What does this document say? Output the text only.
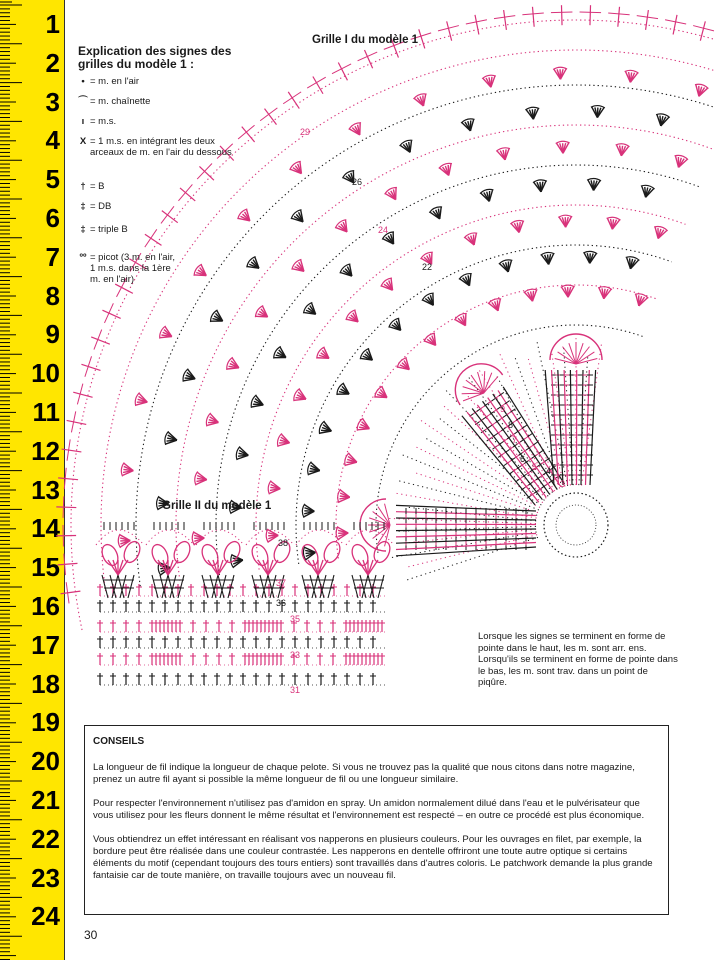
1
2
3
4
5
6
7
8
9
10
11
12
13
14
15
16
17
18
19
20
21
22
23
24
29
26
24
22
9
8
7
6
5 4
3
38
37
36
35
33
31
Explication des signes des
grilles du modèle 1 :
• = m. en l'air
⌒ = m. chaînette
ı = m.s.
X = 1 m.s. en intégrant les deux arceaux de m. en l'air du dessous
† = B
‡ = DB
‡ = triple B
ºº = picot (3 m. en l'air, 1 m.s. dans la 1ère m. en l'air)
Grille I du modèle 1
Grille II du modèle 1
Lorsque les signes se terminent en forme de pointe dans le haut, les m. sont arr. ens. Lorsqu'ils se terminent en forme de pointe dans le bas, les m. sont trav. dans un point de piqûre.
CONSEILS

La longueur de fil indique la longueur de chaque pelote. Si vous ne trouvez pas la qualité que nous citons dans notre magazine, prenez un autre fil ayant si possible la même longueur de fil ou une longueur similaire.

Pour respecter l'environnement n'utilisez pas d'amidon en spray. Un amidon normalement dilué dans l'eau et le pulvérisateur que vous utilisez pour les fleurs donnent le même résultat et l'environnement est respecté – en outre ce procédé est plus économique.

Vous obtiendrez un effet intéressant en réalisant vos napperons en plusieurs couleurs. Pour les ouvrages en filet, par exemple, la bordure peut être réalisée dans une couleur contrastée. Les napperons en dentelle offriront une toute autre optique si certains éléments du motif (cependant toujours des tours entiers) sont travaillés dans d'autres coloris. Le patchwork demande la plus grande fantaisie car de toute manière, on travaille toujours avec un nouveau fil.

30
